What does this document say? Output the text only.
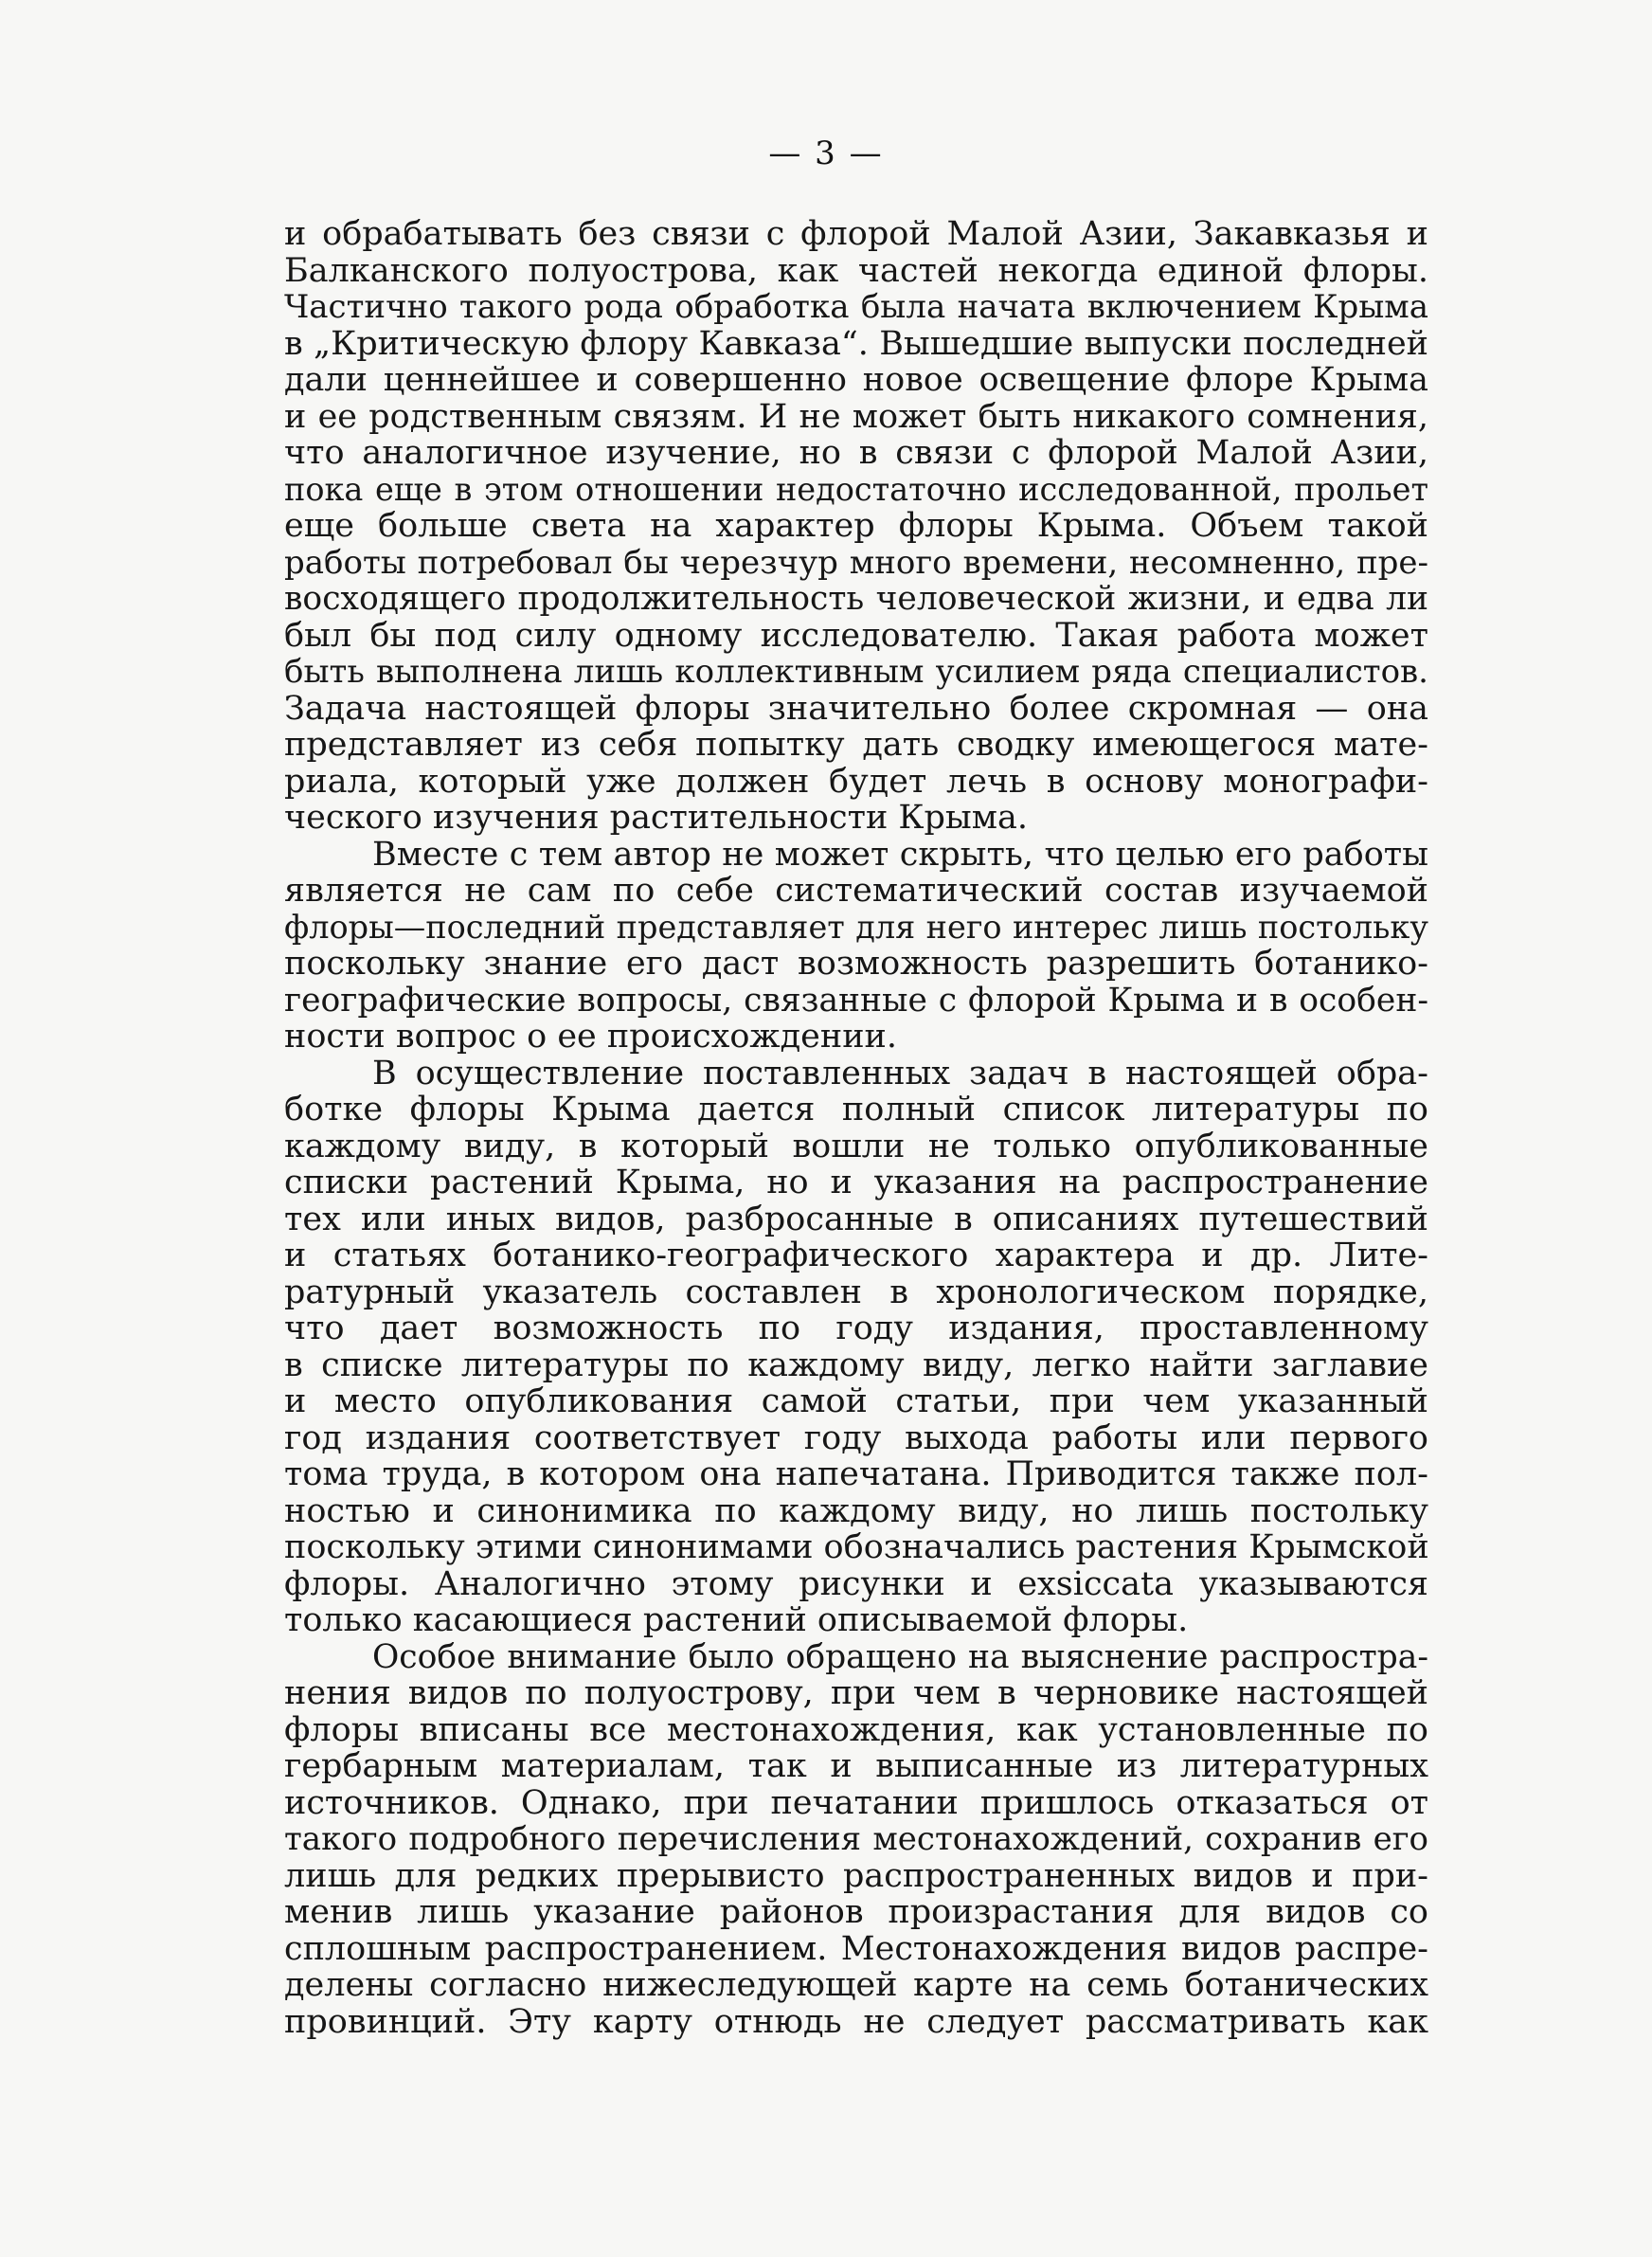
— 3 —
и обрабатывать без связи с флорой Малой Азии, Закавказья и
Балканского полуострова, как частей некогда единой флоры.
Частично такого рода обработка была начата включением Крыма
в „Критическую флору Кавказа“. Вышедшие выпуски последней
дали ценнейшее и совершенно новое освещение флоре Крыма
и ее родственным связям. И не может быть никакого сомнения,
что аналогичное изучение, но в связи с флорой Малой Азии,
пока еще в этом отношении недостаточно исследованной, прольет
еще больше света на характер флоры Крыма. Объем такой
работы потребовал бы черезчур много времени, несомненно, пре-
восходящего продолжительность человеческой жизни, и едва ли
был бы под силу одному исследователю. Такая работа может
быть выполнена лишь коллективным усилием ряда специалистов.
Задача настоящей флоры значительно более скромная — она
представляет из себя попытку дать сводку имеющегося мате-
риала, который уже должен будет лечь в основу монографи-
ческого изучения растительности Крыма.
Вместе с тем автор не может скрыть, что целью его работы
является не сам по себе систематический состав изучаемой
флоры—последний представляет для него интерес лишь постольку
поскольку знание его даст возможность разрешить ботанико-
географические вопросы, связанные с флорой Крыма и в особен-
ности вопрос о ее происхождении.
В осуществление поставленных задач в настоящей обра-
ботке флоры Крыма дается полный список литературы по
каждому виду, в который вошли не только опубликованные
списки растений Крыма, но и указания на распространение
тех или иных видов, разбросанные в описаниях путешествий
и статьях ботанико-географического характера и др. Лите-
ратурный указатель составлен в хронологическом порядке,
что дает возможность по году издания, проставленному
в списке литературы по каждому виду, легко найти заглавие
и место опубликования самой статьи, при чем указанный
год издания соответствует году выхода работы или первого
тома труда, в котором она напечатана. Приводится также пол-
ностью и синонимика по каждому виду, но лишь постольку
поскольку этими синонимами обозначались растения Крымской
флоры. Аналогично этому рисунки и exsiccata указываются
только касающиеся растений описываемой флоры.
Особое внимание было обращено на выяснение распростра-
нения видов по полуострову, при чем в черновике настоящей
флоры вписаны все местонахождения, как установленные по
гербарным материалам, так и выписанные из литературных
источников. Однако, при печатании пришлось отказаться от
такого подробного перечисления местонахождений, сохранив его
лишь для редких прерывисто распространенных видов и при-
менив лишь указание районов произрастания для видов со
сплошным распространением. Местонахождения видов распре-
делены согласно нижеследующей карте на семь ботанических
провинций. Эту карту отнюдь не следует рассматривать как
